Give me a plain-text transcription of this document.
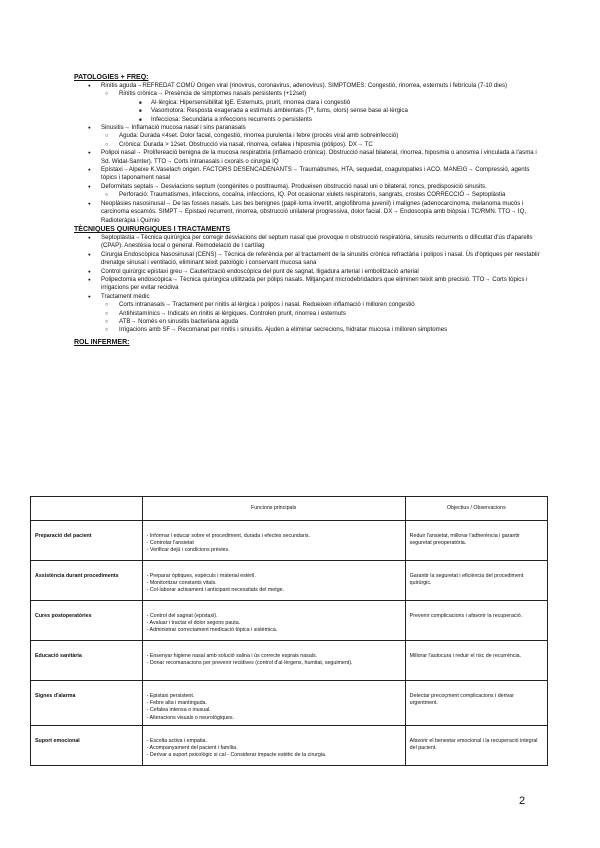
PATOLOGIES + FREQ:

● Rinitis aguda→REFREDAT COMÚ Origen viral (rinovirus, coronavirus, adenovirus). SIMPTOMES: Congestió, rinorrea, esternuts i febrícula (7-10 dies)
○ Rinitis crònica→ Presència de simptomes nasals persistents (+12set)
■ Al·lèrgica: Hipersensibilitat IgE. Esternuts, prurit, rinorrea clara i congestió
■ Vasomotora: Resposta exagerada a estímuls ambientals (Tª, fums, olors) sense base al·lèrgica
■ Infecciosa: Secundària a infeccions recurrents o persistents
● Sinusitis→ Inflamació mucosa nasal i sins paranasals
○ Aguda: Durada <4set. Dolor facial, congestió, rinorrea purulenta i febre (procés viral amb sobreinfecció)
○ Crònica: Durada > 12set. Obstrucció via nasal, rinorrea, cefalea i hiposmia (pòlipos). DX→ TC
● Polipoi nasal→ Prolifereació benigna de la mucosa respiratòria (inflamació crònica). Obstrucció nasal bilateral, rinorrea, hiposmia o anosmia i vinculada a l'asma i Sd. Widal-Samter). TTO→ Corts intranasals i cxorals o cirurgia IQ
● Epístaxi→Alpeixe K.Vaselach origen. FACTORS DESENCADENANTS→ Traumatismes, HTA, sequedat, coagulopaties i ACO. MANEIG→ Compressió, agents tòpics i taponament nasal
● Deformitats septals→ Desviacions septum (congènites o posttrauma). Produeixen obstrucció nasal uni o bilateral, roncs, predisposició sinusits.
○ Perforació: Traumatismes, infeccions, cocaïna, infeccions, IQ. Pot ocasionar xiulets respiratoris, sangrats, crostes CORRECCIÓ→ Septoplàstia
● Neoplàsies nasosinusal→ De las fosses nasals. Les bes benignes (papil·loma invertit, angiofibroma juvenil) i malignes (adenocarcinoma, melanoma mucós i carcinoma escamós. SIMPT→ Epistaxi recurrent, rinorrea, obstrucció unilateral progressiva, dolor facial. DX→ Endoscopia amb biòpsia i TC/RMN. TTO→ IQ, Radioteràpia i Quimio

TÈCNIQUES QUIRURGIQUES I TRACTAMENTS

● Septoplàstia→Tècnica quirúrgica per corregir desviacions del septum nasal que provoque n obstrucció respiratòria, sinusits recurrents o dificultat d'ús d'aparells (CPAP). Anestèsia local o general. Remodelació de l cartílag
● Cirurgia Endoscòpica Nasosinusal (CENS)→ Tècnica de referència per al tractament de la sinusitis crònica refractària i polipos i nasal. Ús d'òptiques per reestablir drenatge sinusal i ventilació, eliminant teixit patològic i conservant mucosa sana
● Control quirúrgic epistaxi greu→ Cauterització endoscòpica del punt de sagnat, lligadura arterial i embolització arterial
● Polipectomia endoscòpica→ Tècnica quirúrgica utilitzada per pòlips nasals. Mitjançant microdebridadors que eliminen teixit amb precisió. TTO→ Corts tòpics i irrigacions per evitar recidiva
● Tractament mèdic
○ Corts intranasals→ Tractament per rinitis al·lèrgica i polipos i nasal. Redueixen inflamació i milloren congestió
○ Antihistamínics→ Indicats en rinitis al·lèrgiques. Controlen prurit, rinorrea i esternuts
○ ATB→ Només en sinusitis bacteriana aguda
○ Irrigacions amb SF→ Recomanat per rinitis i sinusitis. Ajuden a eliminar secrecions, hidratar mucosa i milloren simptomes

ROL INFERMER:

	Funcions principals	Objectius / Observacions
Preparació del pacient	- Informar i educar sobre el procediment, durada i efectes secundaris.
- Controlar l'ansietat
- Verificar dejú i condicions prèvies.	Reduir l'ansietat, millorar l'adherència i garantir seguretat preoperatòria.
Assistència durant procediments	- Preparar òptiques, espèculs i material estèril.
- Monitoritzar constants vitals.
- Col·laborar activament i anticipant necessitats del metge.	Garantir la seguretat i eficiència del procediment quirúrgic.
Cures postoperatòries	- Control del sagnat (epístaxi).
- Avaluar i tractar el dolor segons pauta.
- Administrar correctament medicació tòpica i sistèmica.	Prevenir complicacions i afavorir la recuperació.
Educació sanitària	- Ensenyar higiene nasal amb solució salina i ús correcte esprais nasals.
- Donar recomanacions per prevenir recidives (control d'al·lèrgens, humitat, seguiment).	Millorar l'autocura i reduir el risc de recurrència.
Signes d'alarma	- Epistaxi persistent.
- Febre alta i mantinguda.
- Cefalea intensa o inusual.
- Alteracions visuals o neurològiques.	Detectar precoçment complicacions i derivar urgentment.
Suport emocional	- Escolta activa i empatia.
- Acompanyament del pacient i família.
- Derivar a suport psicològic si cal - Considerar impacte estètic de la cirurgia.	Afavorir el benestar emocional i la recuperació integral del pacient.
2
